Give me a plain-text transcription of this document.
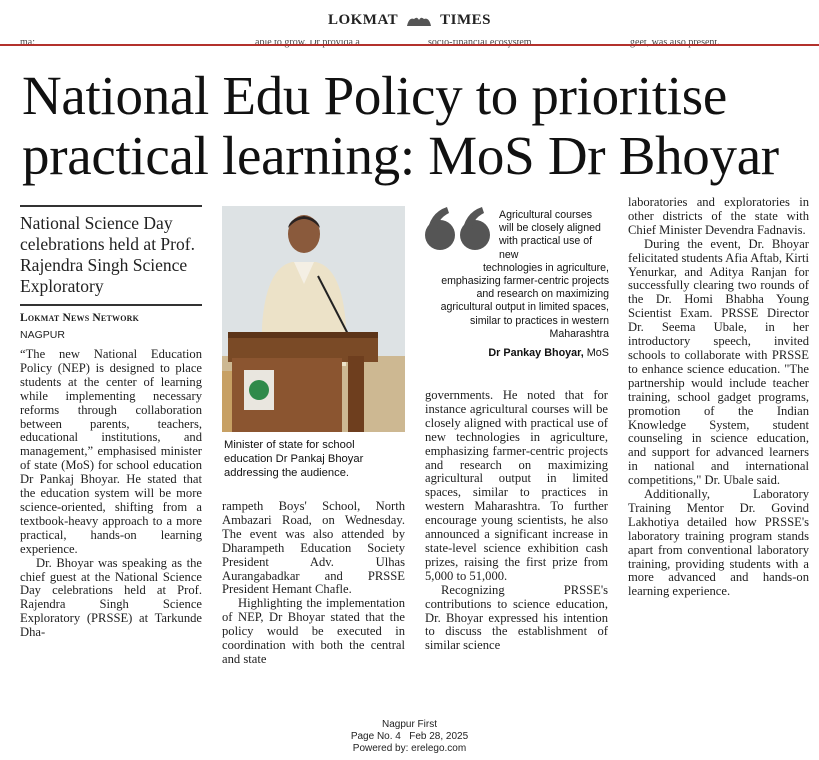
LOKMAT	TIMES
National Edu Policy to prioritise practical learning: MoS Dr Bhoyar
National Science Day celebrations held at Prof. Rajendra Singh Science Exploratory
Lokmat News Network
NAGPUR

“The new National Education Policy (NEP) is designed to place students at the center of learning while implementing necessary reforms through collaboration between parents, teachers, educational institutions, and management,” emphasised minister of state (MoS) for school education Dr Pankaj Bhoyar. He stated that the education system will be more science-oriented, shifting from a textbook-heavy approach to a more practical, hands-on learning experience.

Dr. Bhoyar was speaking as the chief guest at the National Science Day celebrations held at Prof. Rajendra Singh Science Exploratory (PRSSE) at Tarkunde Dha-

Minister of state for school education Dr Pankaj Bhoyar addressing the audience.

rampeth Boys' School, North Ambazari Road, on Wednesday. The event was also attended by Dharampeth Education Society President Adv. Ulhas Aurangabadkar and PRSSE President Hemant Chafle.

Highlighting the implementation of NEP, Dr Bhoyar stated that the policy would be executed in coordination with both the central and state

Agricultural courses will be closely aligned with practical use of new
technologies in agriculture, emphasizing farmer-centric projects and research on maximizing agricultural output in limited spaces, similar to practices in western Maharashtra
Dr Pankay Bhoyar, MoS

governments. He noted that for instance agricultural courses will be closely aligned with practical use of new technologies in agriculture, emphasizing farmer-centric projects and research on maximizing agricultural output in limited spaces, similar to practices in western Maharashtra. To further encourage young scientists, he also announced a significant increase in state-level science exhibition cash prizes, raising the first prize from 5,000 to 51,000.

Recognizing PRSSE's contributions to science education, Dr. Bhoyar expressed his intention to discuss the establishment of similar science

laboratories and exploratories in other districts of the state with Chief Minister Devendra Fadnavis.

During the event, Dr. Bhoyar felicitated students Afia Aftab, Kirti Yenurkar, and Aditya Ranjan for successfully clearing two rounds of the Dr. Homi Bhabha Young Scientist Exam. PRSSE Director Dr. Seema Ubale, in her introductory speech, invited schools to collaborate with PRSSE to enhance science education. "The partnership would include teacher training, school gadget programs, promotion of the Indian Knowledge System, student counseling in science education, and support for advanced learners in national and international competitions," Dr. Ubale said.

Additionally, Laboratory Training Mentor Dr. Govind Lakhotiya detailed how PRSSE's laboratory training program stands apart from conventional laboratory training, providing students with a more advanced and hands-on learning experience.

Nagpur First
Page No. 4 Feb 28, 2025
Powered by: erelego.com
